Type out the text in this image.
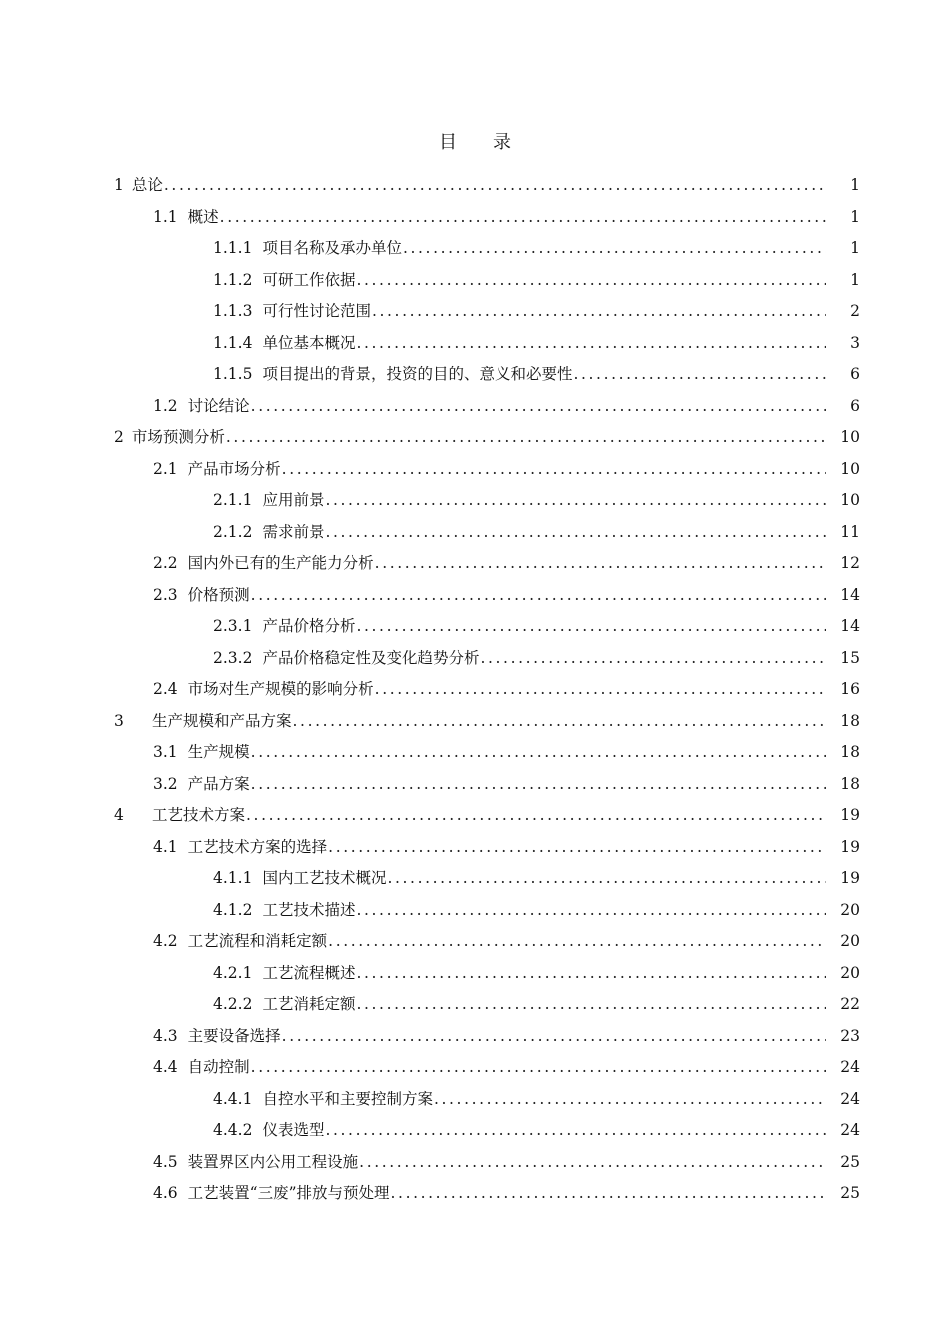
目　　录
1 总论 .....	1
1.1 概述 .....	1
1.1.1 项目名称及承办单位 .....	1
1.1.2 可研工作依据 .....	1
1.1.3 可行性讨论范围 .....	2
1.1.4 单位基本概况 .....	3
1.1.5 项目提出的背景，投资的目的、意义和必要性 .....	6
1.2 讨论结论 .....	6
2 市场预测分析 .....	10
2.1 产品市场分析 .....	10
2.1.1 应用前景 .....	10
2.1.2 需求前景 .....	11
2.2 国内外已有的生产能力分析 .....	12
2.3 价格预测 .....	14
2.3.1 产品价格分析 .....	14
2.3.2 产品价格稳定性及变化趋势分析 .....	15
2.4 市场对生产规模的影响分析 .....	16
3	生产规模和产品方案 .....	18
3.1 生产规模 .....	18
3.2 产品方案 .....	18
4	工艺技术方案 .....	19
4.1 工艺技术方案的选择 .....	19
4.1.1 国内工艺技术概况 .....	19
4.1.2 工艺技术描述 .....	20
4.2 工艺流程和消耗定额 .....	20
4.2.1 工艺流程概述 .....	20
4.2.2 工艺消耗定额 .....	22
4.3 主要设备选择 .....	23
4.4 自动控制 .....	24
4.4.1 自控水平和主要控制方案 .....	24
4.4.2 仪表选型 .....	24
4.5 装置界区内公用工程设施 .....	25
4.6 工艺装置“三废”排放与预处理 .....	25
